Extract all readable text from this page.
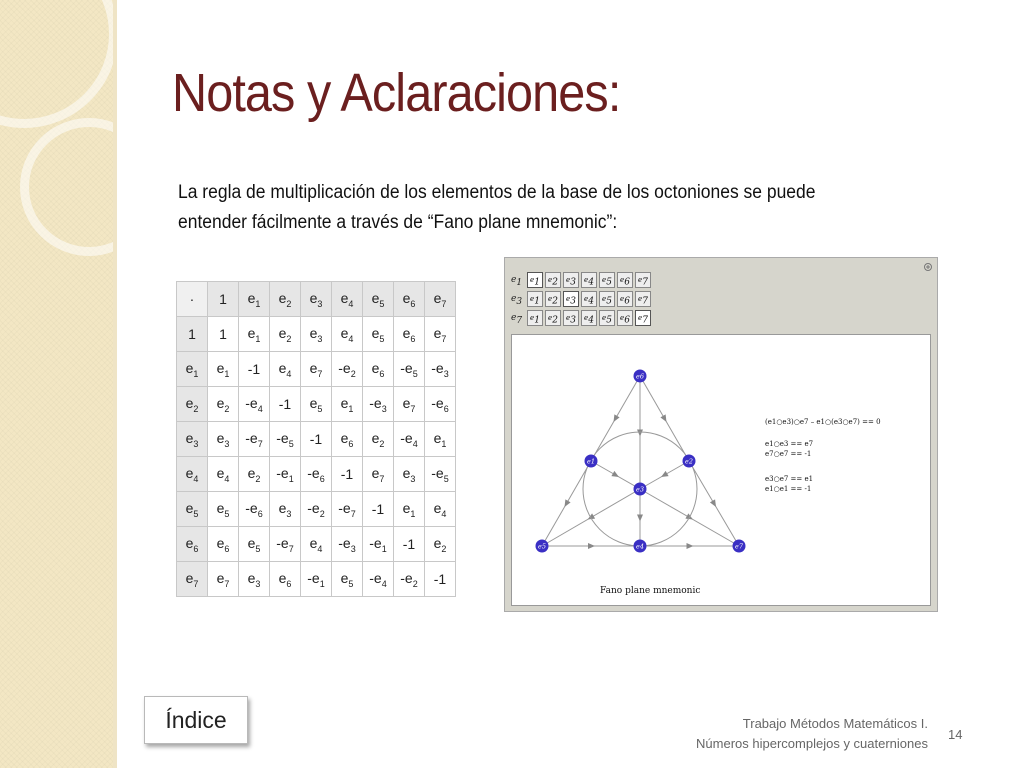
Notas y Aclaraciones:
La regla de multiplicación de los elementos de la base de los octoniones se puede entender fácilmente a través de “Fano plane mnemonic”:
·	1	$e_1$	$e_2$	$e_3$	$e_4$	$e_5$	$e_6$	$e_7$
1	1	$e_1$	$e_2$	$e_3$	$e_4$	$e_5$	$e_6$	$e_7$
$e_1$	$e_1$	-1	$e_4$	$e_7$	$-e_2$	$e_6$	$-e_5$	$-e_3$
$e_2$	$e_2$	$-e_4$	-1	$e_5$	$e_1$	$-e_3$	$e_7$	$-e_6$
$e_3$	$e_3$	$-e_7$	$-e_5$	-1	$e_6$	$e_2$	$-e_4$	$e_1$
$e_4$	$e_4$	$e_2$	$-e_1$	$-e_6$	-1	$e_7$	$e_3$	$-e_5$
$e_5$	$e_5$	$-e_6$	$e_3$	$-e_2$	$-e_7$	-1	$e_1$	$e_4$
$e_6$	$e_6$	$e_5$	$-e_7$	$e_4$	$-e_3$	$-e_1$	-1	$e_2$
$e_7$	$e_7$	$e_3$	$e_6$	$-e_1$	$e_5$	$-e_4$	$-e_2$	-1
$e_1$	$e_1$	$e_2$	$e_3$	$e_4$	$e_5$	$e_6$	$e_7$
$e_3$	$e_1$	$e_2$	$e_3$	$e_4$	$e_5$	$e_6$	$e_7$
$e_7$	$e_1$	$e_2$	$e_3$	$e_4$	$e_5$	$e_6$	$e_7$
e6
e1	e2
e3
e5	e4	e7
(e1○e3)○e7 – e1○(e3○e7) == 0
e1○e3 == e7
e7○e7 == -1
e3○e7 == e1
e1○e1 == -1
Fano plane mnemonic
Índice	Trabajo Métodos Matemáticos I.
Números hipercomplejos y cuaterniones
14
